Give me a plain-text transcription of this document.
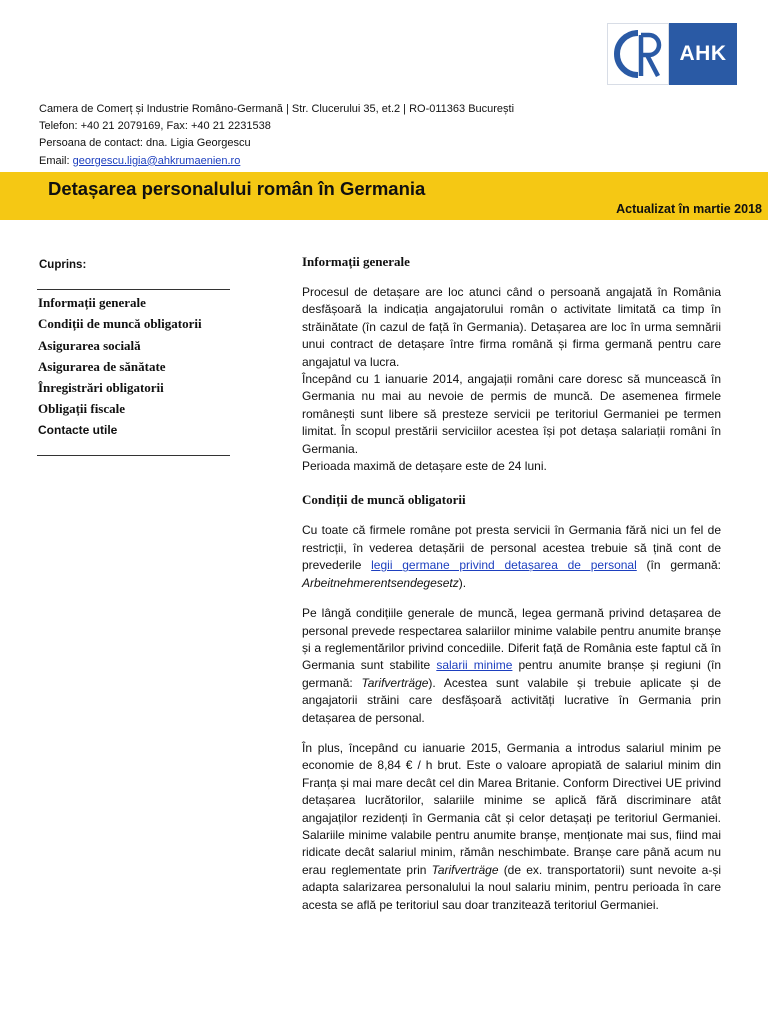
AHK
Camera de Comerț și Industrie Româno-Germană | Str. Clucerului 35, et.2 | RO-011363 București
Telefon: +40 21 2079169, Fax: +40 21 2231538
Persoana de contact: dna. Ligia Georgescu
Email: georgescu.ligia@ahkrumaenien.ro
Detașarea personalului român în Germania
Actualizat în martie 2018
Cuprins:
Informații generale
Condiții de muncă obligatorii
Asigurarea socială
Asigurarea de sănătate
Înregistrări obligatorii
Obligații fiscale
Contacte utile
Informații generale

Procesul de detașare are loc atunci când o persoană angajată în România desfășoară la indicația angajatorului român o activitate limitată ca timp în străinătate (în cazul de față în Germania). Detașarea are loc în urma semnării unui contract de detașare între firma română și firma germană pentru care angajatul va lucra.

Începând cu 1 ianuarie 2014, angajații români care doresc să muncească în Germania nu mai au nevoie de permis de muncă. De asemenea firmele românești sunt libere să presteze servicii pe teritoriul Germaniei pe termen limitat. În scopul prestării serviciilor acestea își pot detașa salariații români în Germania.

Perioada maximă de detașare este de 24 luni.

Condiții de muncă obligatorii

Cu toate că firmele române pot presta servicii în Germania fără nici un fel de restricții, în vederea detașării de personal acestea trebuie să țină cont de prevederile legii germane privind detașarea de personal (în germană: Arbeitnehmerentsendegesetz).

Pe lângă condițiile generale de muncă, legea germană privind detașarea de personal prevede respectarea salariilor minime valabile pentru anumite branșe și a reglementărilor privind concediile. Diferit față de România este faptul că în Germania sunt stabilite salarii minime pentru anumite branșe și regiuni (în germană: Tarifverträge). Acestea sunt valabile și trebuie aplicate și de angajatorii străini care desfășoară activități lucrative în Germania prin detașarea de personal.

În plus, începând cu ianuarie 2015, Germania a introdus salariul minim pe economie de 8,84 € / h brut. Este o valoare apropiată de salariul minim din Franța și mai mare decât cel din Marea Britanie. Conform Directivei UE privind detașarea lucrătorilor, salariile minime se aplică fără discriminare atât angajaților rezidenți în Germania cât și celor detașați pe teritoriul Germaniei. Salariile minime valabile pentru anumite branșe, menționate mai sus, fiind mai ridicate decât salariul minim, rămân neschimbate. Branșe care până acum nu erau reglementate prin Tarifverträge (de ex. transportatorii) sunt nevoite a-și adapta salarizarea personalului la noul salariu minim, pentru perioada în care acesta se află pe teritoriul sau doar tranzitează teritoriul Germaniei.
